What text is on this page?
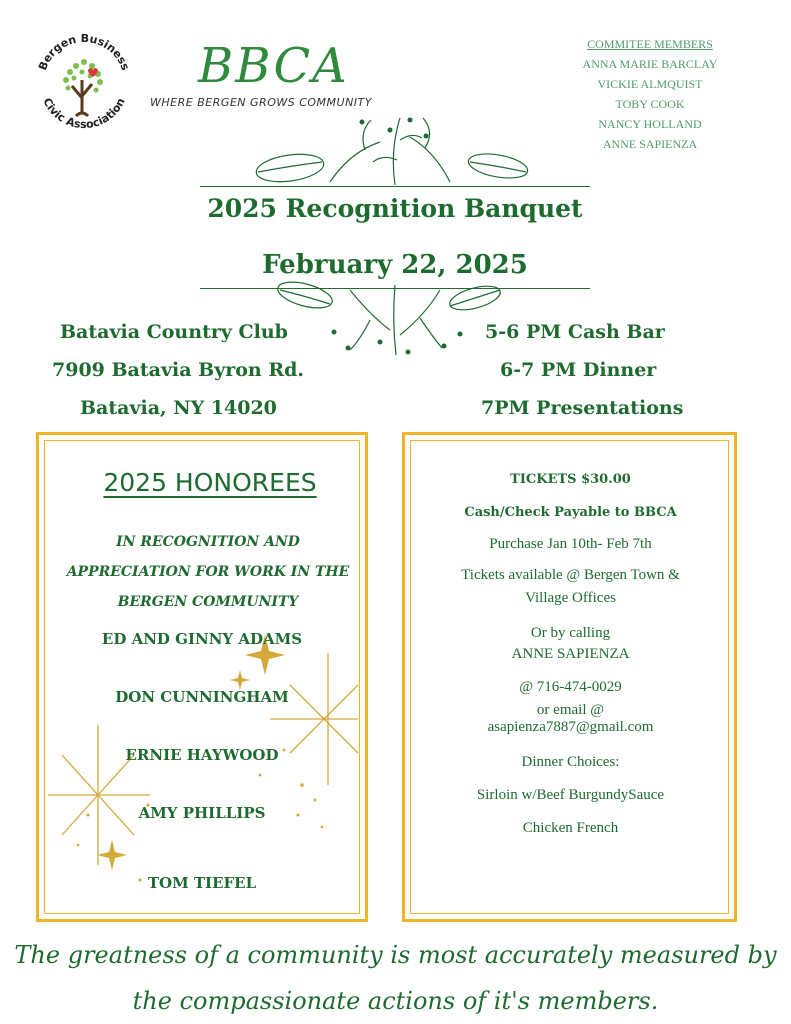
Bergen Business
Civic Association
BBCA
WHERE BERGEN GROWS COMMUNITY
COMMITEE MEMBERS
ANNA MARIE BARCLAY
VICKIE ALMQUIST
TOBY COOK
NANCY HOLLAND
ANNE SAPIENZA
2025 Recognition Banquet
February 22, 2025
Batavia Country Club
7909 Batavia Byron Rd.
Batavia, NY 14020
5-6 PM Cash Bar
6-7 PM Dinner
7PM Presentations
2025 HONOREES
IN RECOGNITION AND
APPRECIATION FOR WORK IN THE
BERGEN COMMUNITY
ED AND GINNY ADAMS
DON CUNNINGHAM
ERNIE HAYWOOD
AMY PHILLIPS
TOM TIEFEL
TICKETS $30.00
Cash/Check Payable to BBCA
Purchase Jan 10th- Feb 7th
Tickets available @ Bergen Town &
Village Offices
Or by calling
ANNE SAPIENZA
@ 716-474-0029
or email @
asapienza7887@gmail.com
Dinner Choices:
Sirloin w/Beef BurgundySauce
Chicken French
The greatness of a community is most accurately measured by
the compassionate actions of it's members.
